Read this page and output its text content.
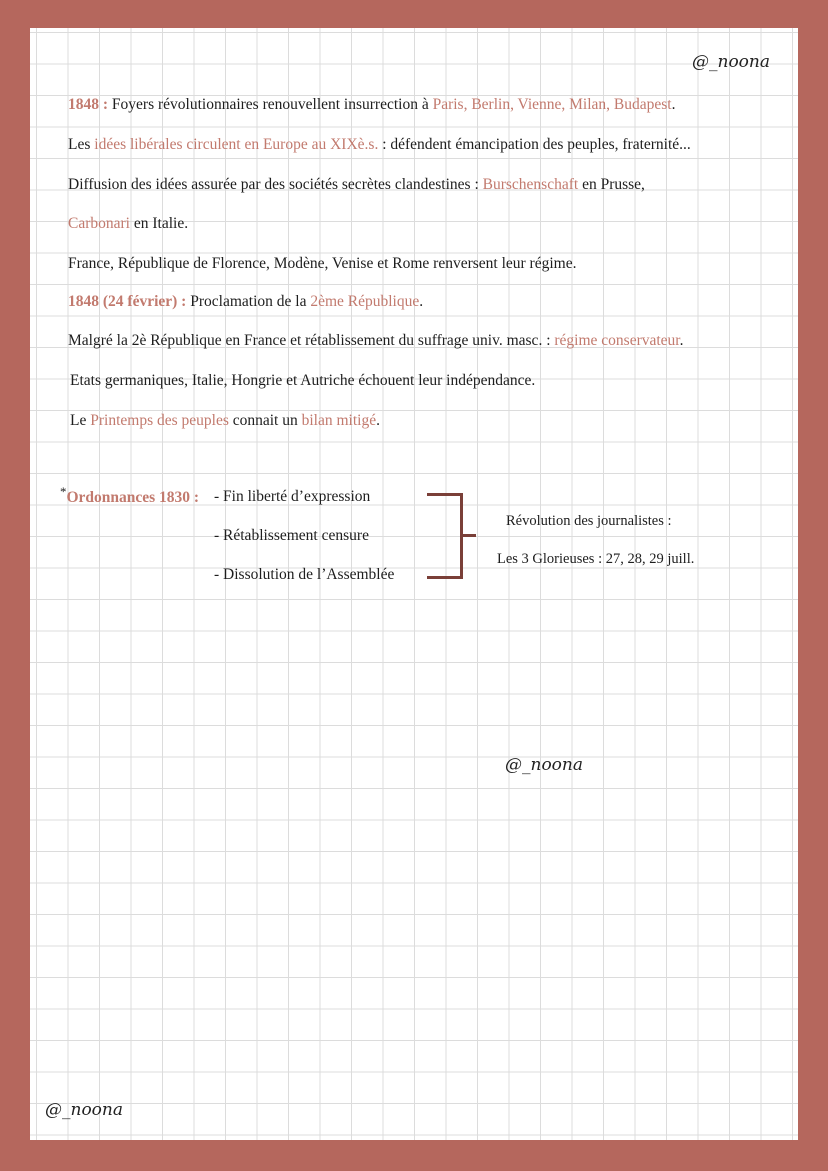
@_noona
1848 : Foyers révolutionnaires renouvellent insurrection à Paris, Berlin, Vienne, Milan, Budapest.
Les idées libérales circulent en Europe au XIXè.s. : défendent émancipation des peuples, fraternité...
Diffusion des idées assurée par des sociétés secrètes clandestines : Burschenschaft en Prusse,
Carbonari en Italie.
France, République de Florence, Modène, Venise et Rome renversent leur régime.
1848 (24 février) : Proclamation de la 2ème République.
Malgré la 2è République en France et rétablissement du suffrage univ. masc. : régime conservateur.
Etats germaniques, Italie, Hongrie et Autriche échouent leur indépendance.
Le Printemps des peuples connait un bilan mitigé.
*Ordonnances 1830 : - Fin liberté d’expression
- Rétablissement censure
- Dissolution de l’Assemblée
Révolution des journalistes :
Les 3 Glorieuses : 27, 28, 29 juill.
@_noona
@_noona
